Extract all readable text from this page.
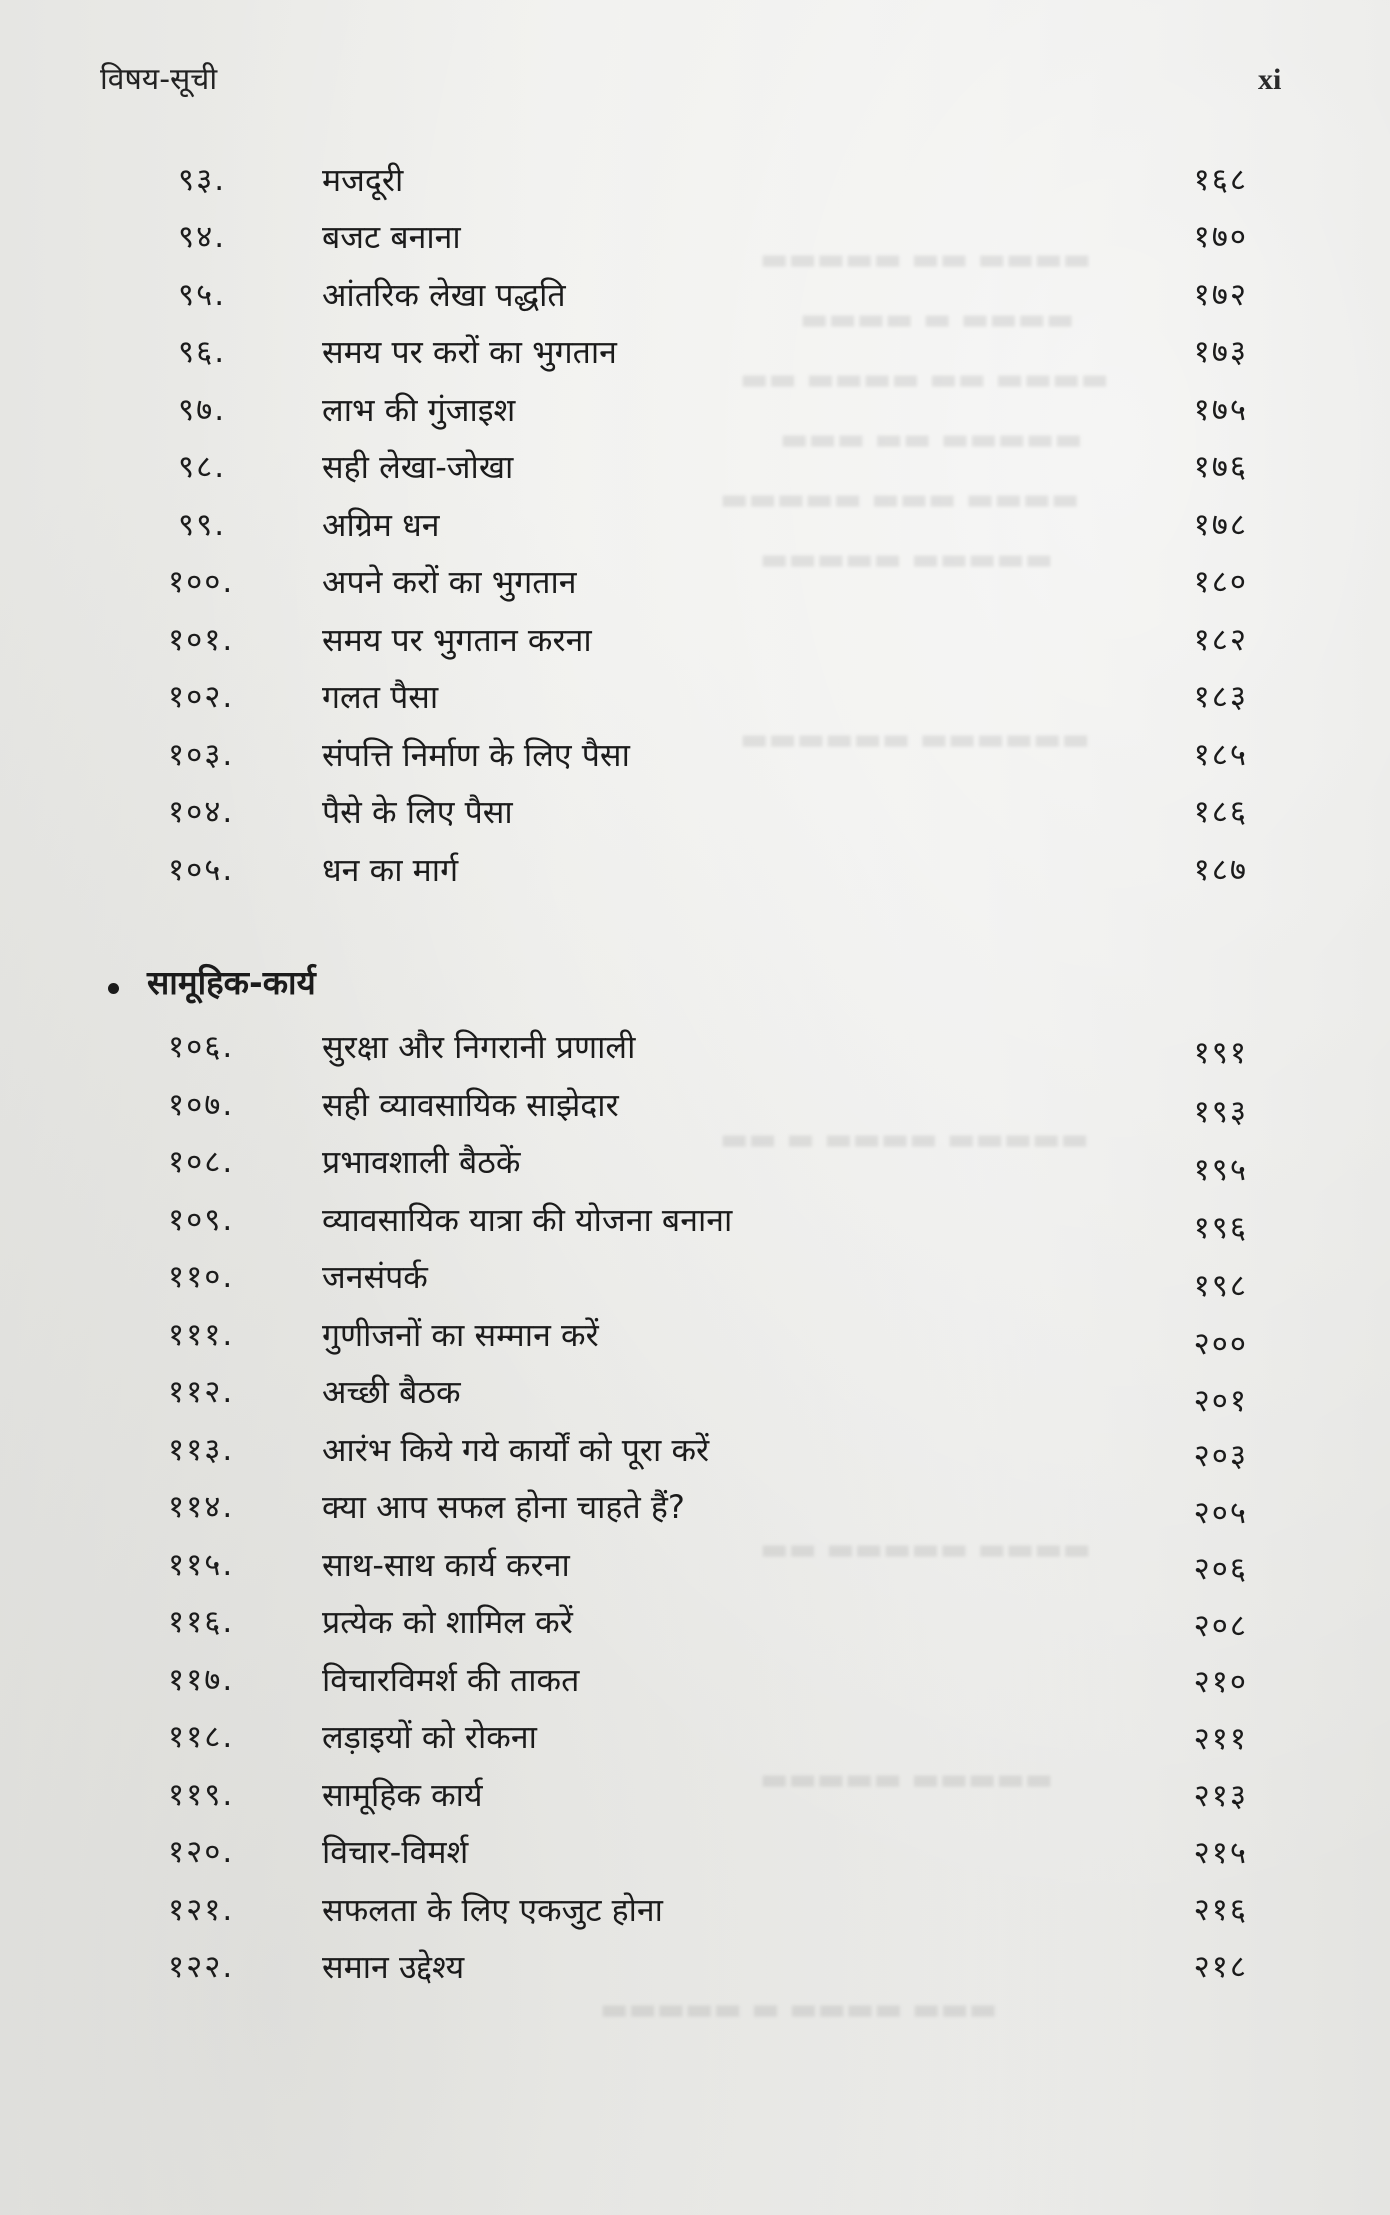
▬▬▬▬ ▬▬ ▬▬▬▬▬
▬▬▬▬ ▬ ▬▬▬▬
▬▬▬▬ ▬▬ ▬▬▬▬ ▬▬
▬▬▬▬▬ ▬▬ ▬▬▬
▬▬▬▬ ▬▬▬ ▬▬▬▬▬
▬▬▬▬▬ ▬▬▬▬▬
▬▬▬▬▬▬ ▬▬▬▬▬▬
▬▬▬▬▬ ▬▬▬▬ ▬ ▬▬
▬▬▬▬ ▬▬▬▬▬ ▬▬
▬▬▬▬▬ ▬▬▬▬▬
▬▬▬ ▬▬▬▬ ▬ ▬▬▬▬▬
विषय-सूची	xi
९३.	मजदूरी	१६८
९४.	बजट बनाना	१७०
९५.	आंतरिक लेखा पद्धति	१७२
९६.	समय पर करों का भुगतान	१७३
९७.	लाभ की गुंजाइश	१७५
९८.	सही लेखा-जोखा	१७६
९९.	अग्रिम धन	१७८
१००.	अपने करों का भुगतान	१८०
१०१.	समय पर भुगतान करना	१८२
१०२.	गलत पैसा	१८३
१०३.	संपत्ति निर्माण के लिए पैसा	१८५
१०४.	पैसे के लिए पैसा	१८६
१०५.	धन का मार्ग	१८७
सामूहिक-कार्य
१०६.	सुरक्षा और निगरानी प्रणाली	१९१
१०७.	सही व्यावसायिक साझेदार	१९३
१०८.	प्रभावशाली बैठकें	१९५
१०९.	व्यावसायिक यात्रा की योजना बनाना	१९६
११०.	जनसंपर्क	१९८
१११.	गुणीजनों का सम्मान करें	२००
११२.	अच्छी बैठक	२०१
११३.	आरंभ किये गये कार्यों को पूरा करें	२०३
११४.	क्या आप सफल होना चाहते हैं?	२०५
११५.	साथ-साथ कार्य करना	२०६
११६.	प्रत्येक को शामिल करें	२०८
११७.	विचारविमर्श की ताकत	२१०
११८.	लड़ाइयों को रोकना	२११
११९.	सामूहिक कार्य	२१३
१२०.	विचार-विमर्श	२१५
१२१.	सफलता के लिए एकजुट होना	२१६
१२२.	समान उद्देश्य	२१८
